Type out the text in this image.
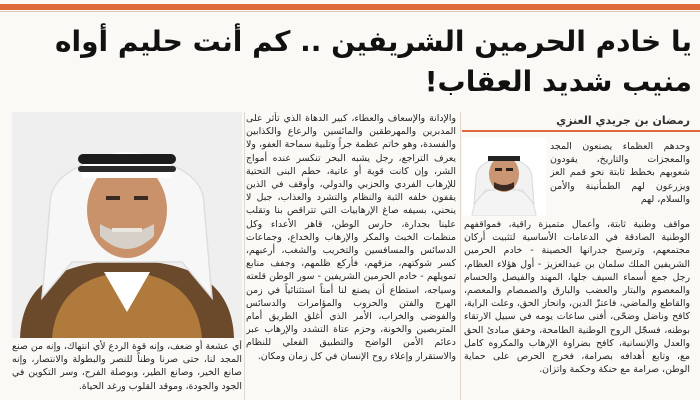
يا خادم الحرمين الشريفين .. كم أنت حليم أواه
منيب شديد العقاب!
رمضان بن جريدي العنزي

وحدهم العظماء يصنعون المجد والمعجزات والتاريخ، يقودون شعوبهم بخطط ثابتة نحو قمم العز ويزرعون لهم الطمأنينة والأمن والسلام، لهم

مواقف وطنية ثابتة، وأعمال متميزة راقية، فمواقفهم الوطنية الصادقة في الدعامات الأساسية لتثبيت أركان مجتمعهم، وترسيخ جدرانها الحصينة - خادم الحرمين الشريفين الملك سلمان بن عبدالعزيز - أول هؤلاء العظام، رجل جمع أسماء السيف جلها، المهند والفيصل والحسام والمعصوم والبتار والعضب والبارق والصمصام والمعصم، والقاطع والماضي، فاعتزّ الدين، وانحاز الحق، وعلت الراية، كافح وناضل وضحّى، أفنى ساعات يومه في سبيل الارتقاء بوطنه، فسجّل الروح الوطنية الطامحة، وحقق مبادئ الحق والعدل والإنسانية، كافح بضراوة الإرهاب والمكروه كامل مع، وتابع أهدافه بصرامة، فخرج الحرص على حماية الوطن، صرامة مع حنكة وحكمة واتزان.

والإدانة والإسعاف والعطاء، كبير الدهاة الذي تأثر على المدبرين والمهرطقين والمائسين والرعاع والكذابين والفسدة، وهو خاتم عظمة جراً وتلبية سماحة العفو، ولا يعرف التراجع، رجل يشبه البحر تنكسر عنده أمواج الشر، وإن كانت قوية أو عاتية، حطم البنى التحتية للإرهاب الفردي والحزبي والدولي، وأوقف في الذين يقفون خلفه الثبة والنظام والتشرد والعذاب، جبل لا ينحني، بسيفه صاغ الإرهابيات التي تتراقص بنا وتقلب علينا بجدارة، حارس الوطن، قاهر الأعداء وكل منظمات الخبث والمكر والإرهاب والخداع، وجماعات الدسائس والمسافسين والتخريب والشغب، أرعبهم، كسر شوكتهم، مزقهم، فأركع ظلمهم، وجفف منابع تمويلهم - خادم الحرمين الشريفين - سور الوطن قلعته وسياجه، استطاع أن يصنع لنا أمناً استثنائياً في زمن الهرج والفتن والحروب والمؤامرات والدسائس والفوضى والخراب، الأمر الذي أغلق الطريق أمام المتربصين والخونة، وحزم عتاة التشدد والإرهاب عبر دعائم الأمن الواضح والتطبيق الفعلي للنظام والاستقرار وإعلاء روح الإنسان في كل زمان ومكان.

أي عشعة أو ضعف، وإنه قوة الردع لأي انتهاك، وإنه من صنع المجد لنا، حتى صرنا وطناً للنصر والبطولة والانتصار، وإنه صانع الخير، وصانع الطير، وبوصلة الفرح، وسر التكوين في الجود والجودة، وموقد القلوب ورغد الحياة.
